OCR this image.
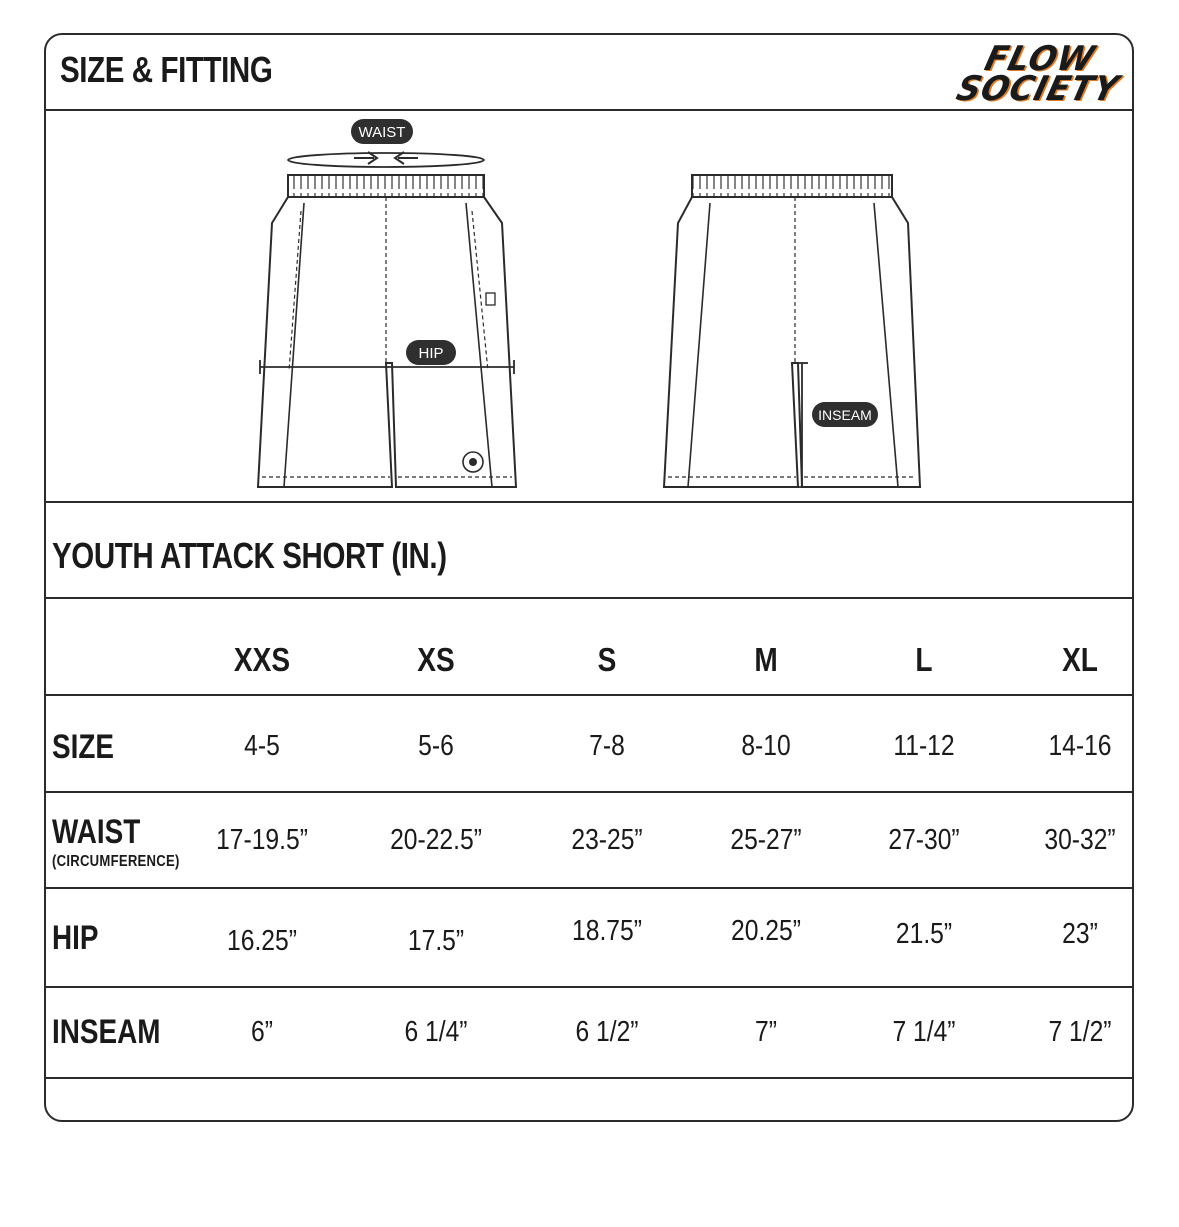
SIZE & FITTING	FLOW
SOCIETY
WAIST
HIP
INSEAM
YOUTH ATTACK SHORT (IN.)
XXS	XS	S	M	L	XL
SIZE	4-5	5-6	7-8	8-10	11-12	14-16
WAIST
(CIRCUMFERENCE)
17-19.5”	20-22.5”	23-25”	25-27”	27-30”	30-32”
HIP	16.25”	17.5”	18.75”	20.25”	21.5”	23”
INSEAM	6”	6 1/4”	6 1/2”	7”	7 1/4”	7 1/2”
